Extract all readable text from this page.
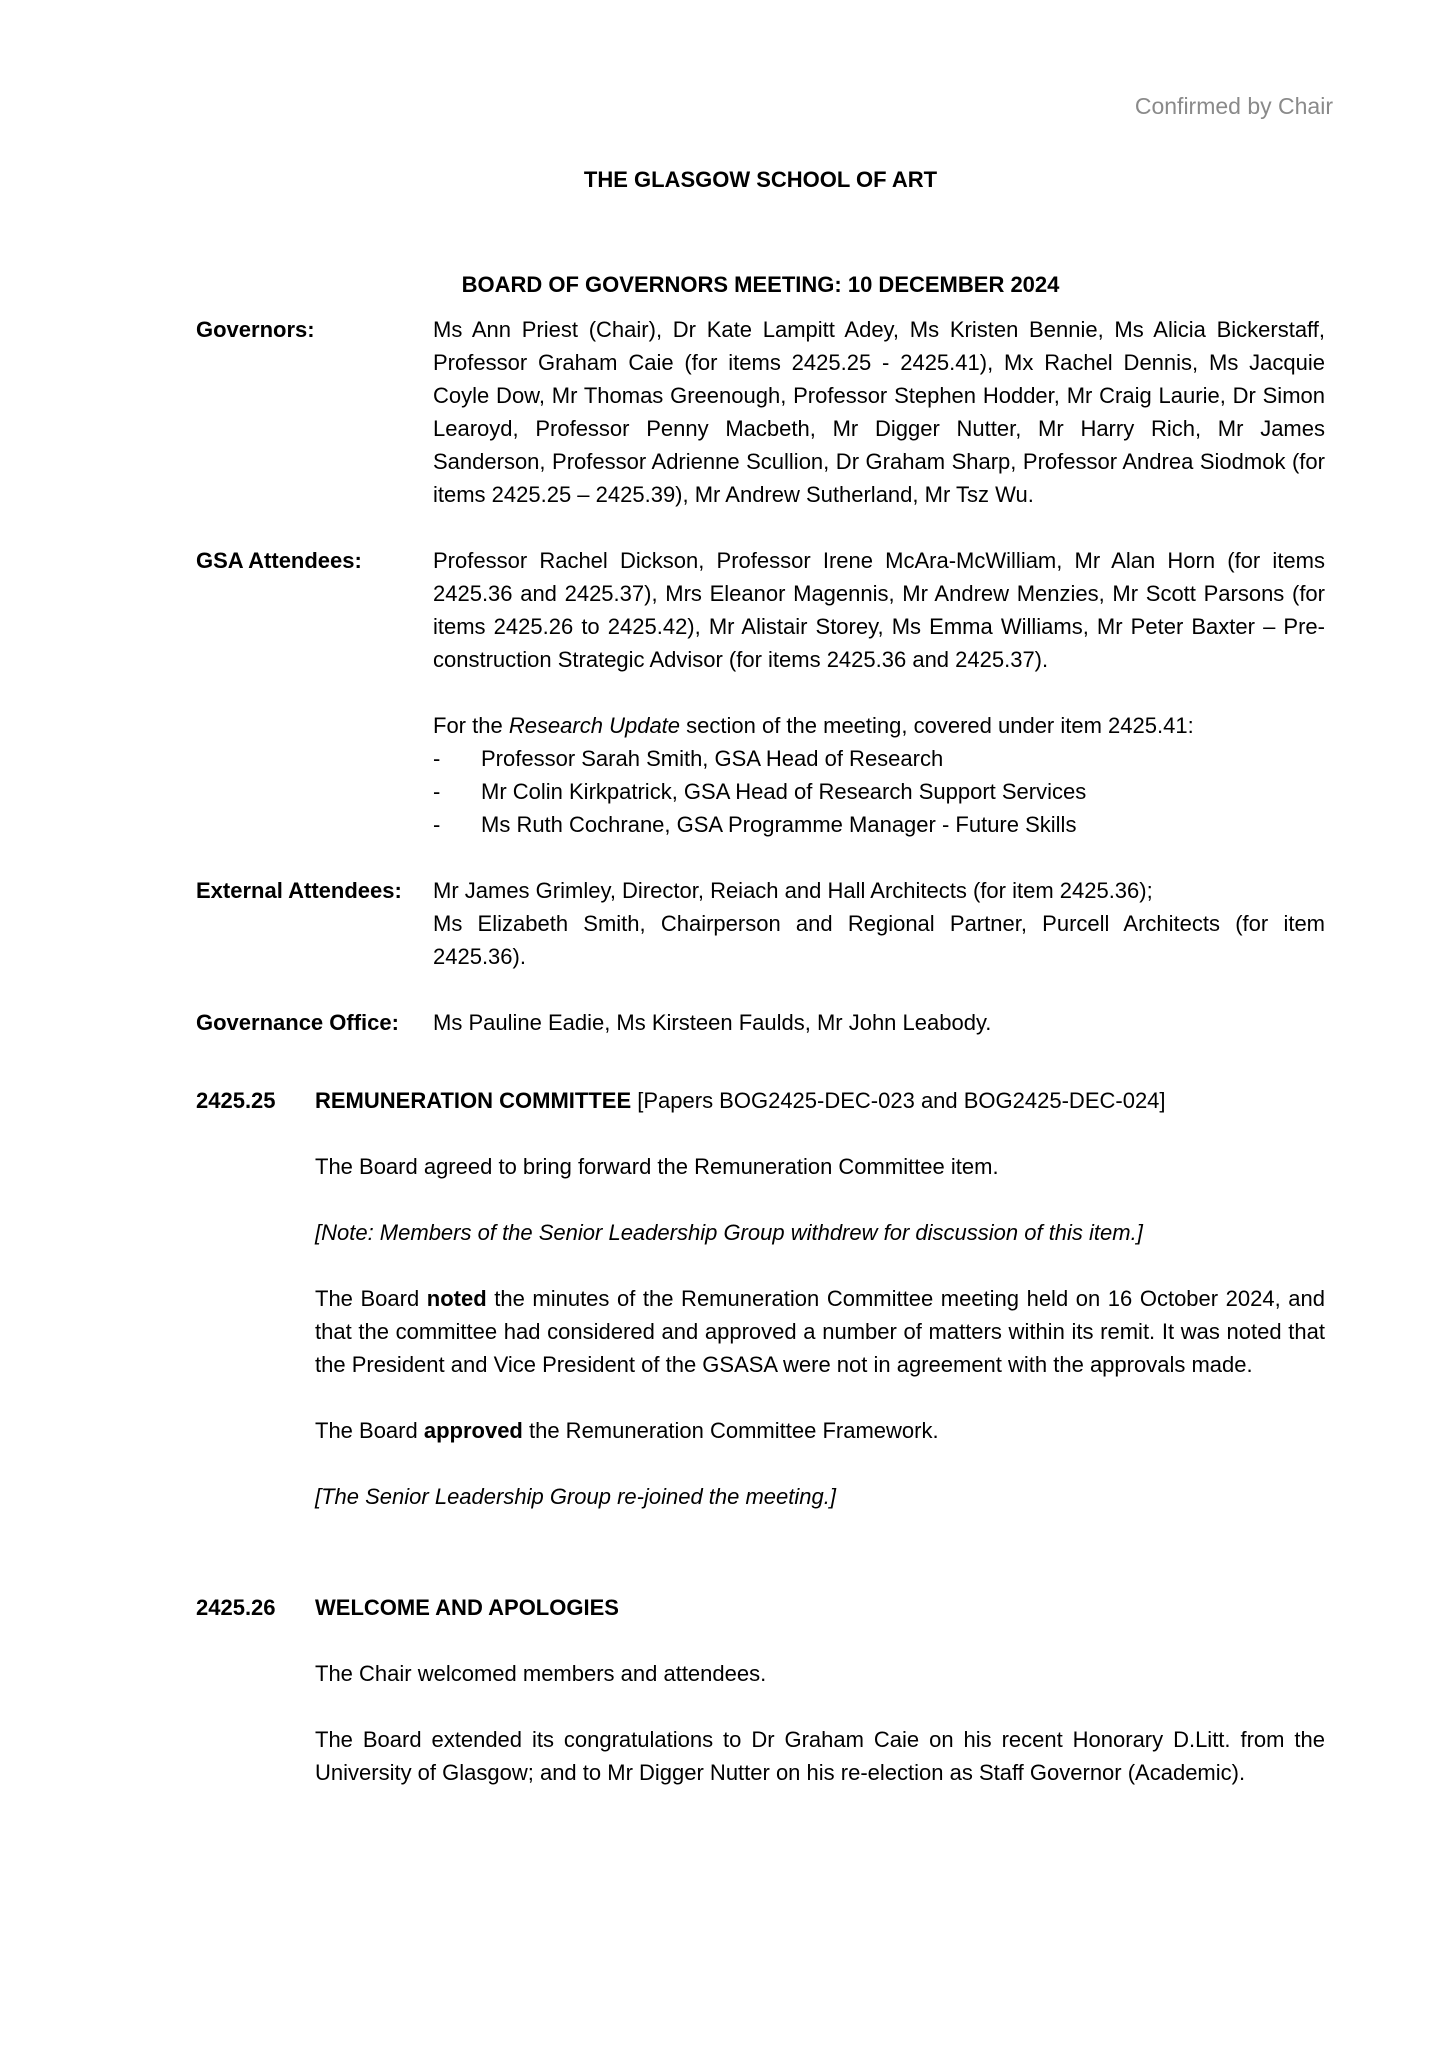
Confirmed by Chair
THE GLASGOW SCHOOL OF ART
BOARD OF GOVERNORS MEETING: 10 DECEMBER 2024
Governors:	Ms Ann Priest (Chair), Dr Kate Lampitt Adey, Ms Kristen Bennie, Ms Alicia Bickerstaff, Professor Graham Caie (for items 2425.25 - 2425.41), Mx Rachel Dennis, Ms Jacquie Coyle Dow, Mr Thomas Greenough, Professor Stephen Hodder, Mr Craig Laurie, Dr Simon Learoyd, Professor Penny Macbeth, Mr Digger Nutter, Mr Harry Rich, Mr James Sanderson, Professor Adrienne Scullion, Dr Graham Sharp, Professor Andrea Siodmok (for items 2425.25 – 2425.39), Mr Andrew Sutherland, Mr Tsz Wu.
GSA Attendees:	Professor Rachel Dickson, Professor Irene McAra-McWilliam, Mr Alan Horn (for items 2425.36 and 2425.37), Mrs Eleanor Magennis, Mr Andrew Menzies, Mr Scott Parsons (for items 2425.26 to 2425.42), Mr Alistair Storey, Ms Emma Williams, Mr Peter Baxter – Pre-construction Strategic Advisor (for items 2425.36 and 2425.37).
For the Research Update section of the meeting, covered under item 2425.41:
-	Professor Sarah Smith, GSA Head of Research
-	Mr Colin Kirkpatrick, GSA Head of Research Support Services
-	Ms Ruth Cochrane, GSA Programme Manager - Future Skills
External Attendees:	Mr James Grimley, Director, Reiach and Hall Architects (for item 2425.36);
Ms Elizabeth Smith, Chairperson and Regional Partner, Purcell Architects (for item 2425.36).
Governance Office:	Ms Pauline Eadie, Ms Kirsteen Faulds, Mr John Leabody.
2425.25	REMUNERATION COMMITTEE [Papers BOG2425-DEC-023 and BOG2425-DEC-024]
The Board agreed to bring forward the Remuneration Committee item.
[Note: Members of the Senior Leadership Group withdrew for discussion of this item.]
The Board noted the minutes of the Remuneration Committee meeting held on 16 October 2024, and that the committee had considered and approved a number of matters within its remit. It was noted that the President and Vice President of the GSASA were not in agreement with the approvals made.
The Board approved the Remuneration Committee Framework.
[The Senior Leadership Group re-joined the meeting.]
2425.26	WELCOME AND APOLOGIES
The Chair welcomed members and attendees.
The Board extended its congratulations to Dr Graham Caie on his recent Honorary D.Litt. from the University of Glasgow; and to Mr Digger Nutter on his re-election as Staff Governor (Academic).
